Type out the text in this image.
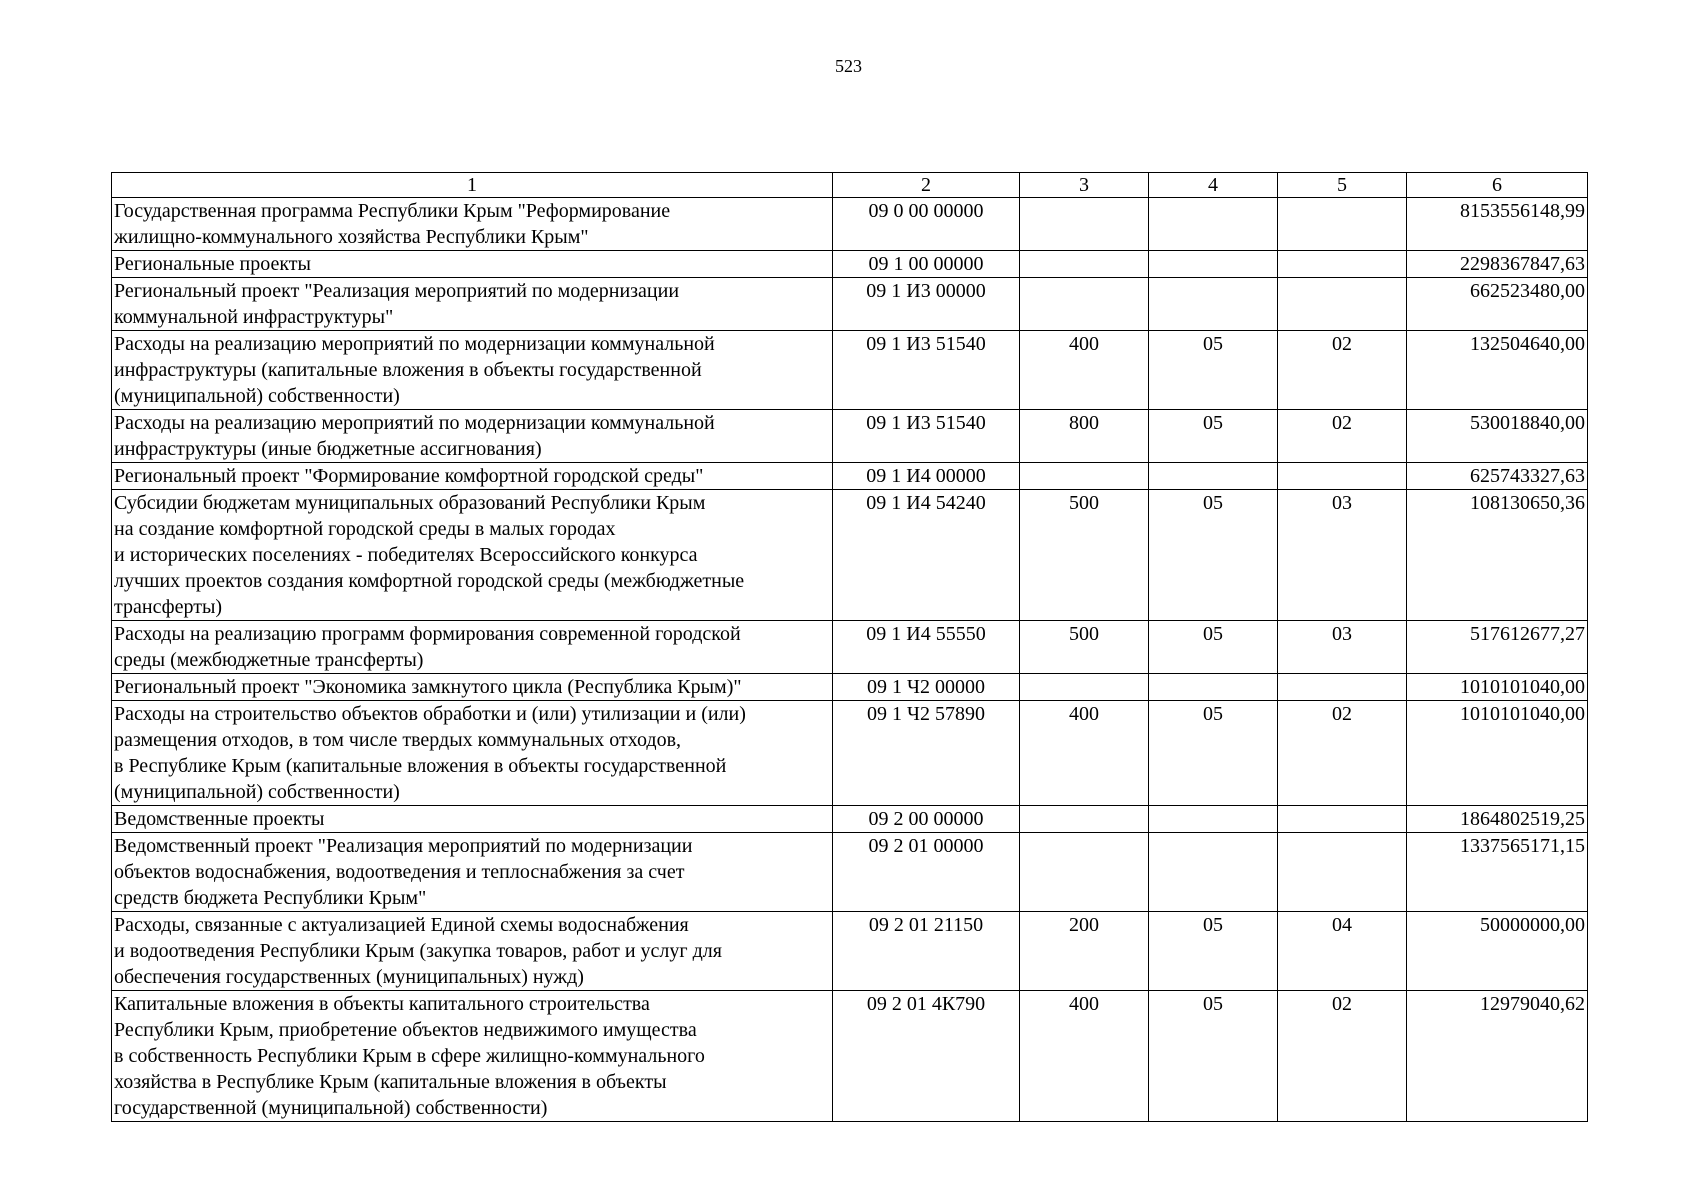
523
1	2	3	4	5	6
Государственная программа Республики Крым "Реформирование
жилищно-коммунального хозяйства Республики Крым"	09 0 00 00000				8153556148,99
Региональные проекты	09 1 00 00000				2298367847,63
Региональный проект "Реализация мероприятий по модернизации
коммунальной инфраструктуры"	09 1 И3 00000				662523480,00
Расходы на реализацию мероприятий по модернизации коммунальной
инфраструктуры (капитальные вложения в объекты государственной
(муниципальной) собственности)	09 1 И3 51540	400	05	02	132504640,00
Расходы на реализацию мероприятий по модернизации коммунальной
инфраструктуры (иные бюджетные ассигнования)	09 1 И3 51540	800	05	02	530018840,00
Региональный проект "Формирование комфортной городской среды"	09 1 И4 00000				625743327,63
Субсидии бюджетам муниципальных образований Республики Крым
на создание комфортной городской среды в малых городах
и исторических поселениях - победителях Всероссийского конкурса
лучших проектов создания комфортной городской среды (межбюджетные
трансферты)	09 1 И4 54240	500	05	03	108130650,36
Расходы на реализацию программ формирования современной городской
среды (межбюджетные трансферты)	09 1 И4 55550	500	05	03	517612677,27
Региональный проект "Экономика замкнутого цикла (Республика Крым)"	09 1 Ч2 00000				1010101040,00
Расходы на строительство объектов обработки и (или) утилизации и (или)
размещения отходов, в том числе твердых коммунальных отходов,
в Республике Крым (капитальные вложения в объекты государственной
(муниципальной) собственности)	09 1 Ч2 57890	400	05	02	1010101040,00
Ведомственные проекты	09 2 00 00000				1864802519,25
Ведомственный проект "Реализация мероприятий по модернизации
объектов водоснабжения, водоотведения и теплоснабжения за счет
средств бюджета Республики Крым"	09 2 01 00000				1337565171,15
Расходы, связанные с актуализацией Единой схемы водоснабжения
и водоотведения Республики Крым (закупка товаров, работ и услуг для
обеспечения государственных (муниципальных) нужд)	09 2 01 21150	200	05	04	50000000,00
Капитальные вложения в объекты капитального строительства
Республики Крым, приобретение объектов недвижимого имущества
в собственность Республики Крым в сфере жилищно-коммунального
хозяйства в Республике Крым (капитальные вложения в объекты
государственной (муниципальной) собственности)	09 2 01 4К790	400	05	02	12979040,62
